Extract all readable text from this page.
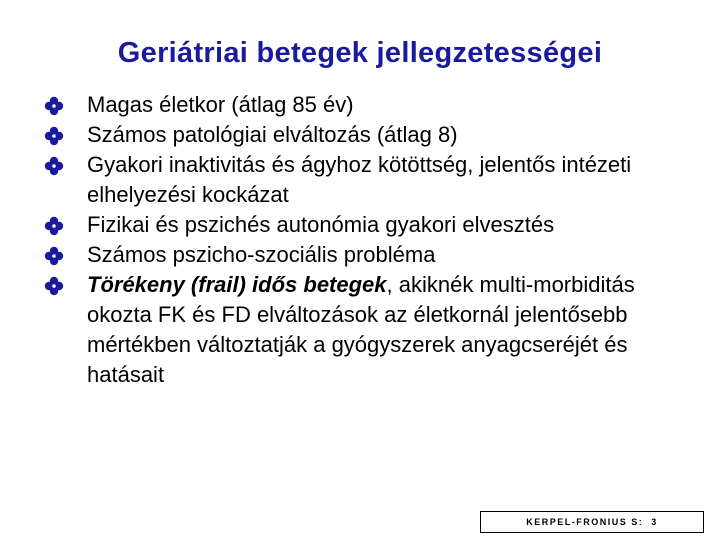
Geriátriai betegek jellegzetességei
Magas életkor (átlag 85 év)
Számos patológiai elváltozás (átlag 8)
Gyakori inaktivitás és ágyhoz kötöttség, jelentős intézeti elhelyezési kockázat
Fizikai és pszichés autonómia gyakori elvesztés
Számos pszicho-szociális probléma
Törékeny (frail) idős betegek, akiknék multi-morbiditás okozta FK és FD elváltozások az életkornál jelentősebb mértékben változtatják a gyógyszerek anyagcseréjét és hatásait
KERPEL-FRONIUS S: 3
